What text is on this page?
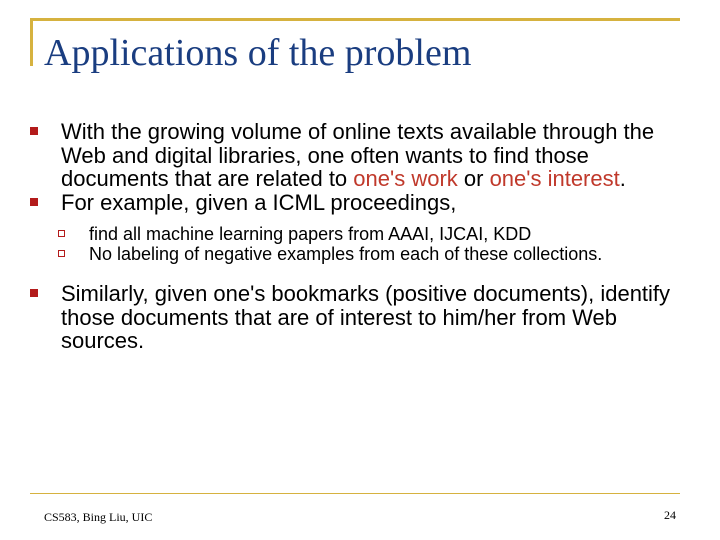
Applications of the problem
With the growing volume of online texts available through the Web and digital libraries, one often wants to find those documents that are related to one's work or one's interest.
For example, given a ICML proceedings,
find all machine learning papers from AAAI, IJCAI, KDD
No labeling of negative examples from each of these collections.
Similarly, given one's bookmarks (positive documents), identify those documents that are of interest to him/her from Web sources.
CS583, Bing Liu, UIC	24
